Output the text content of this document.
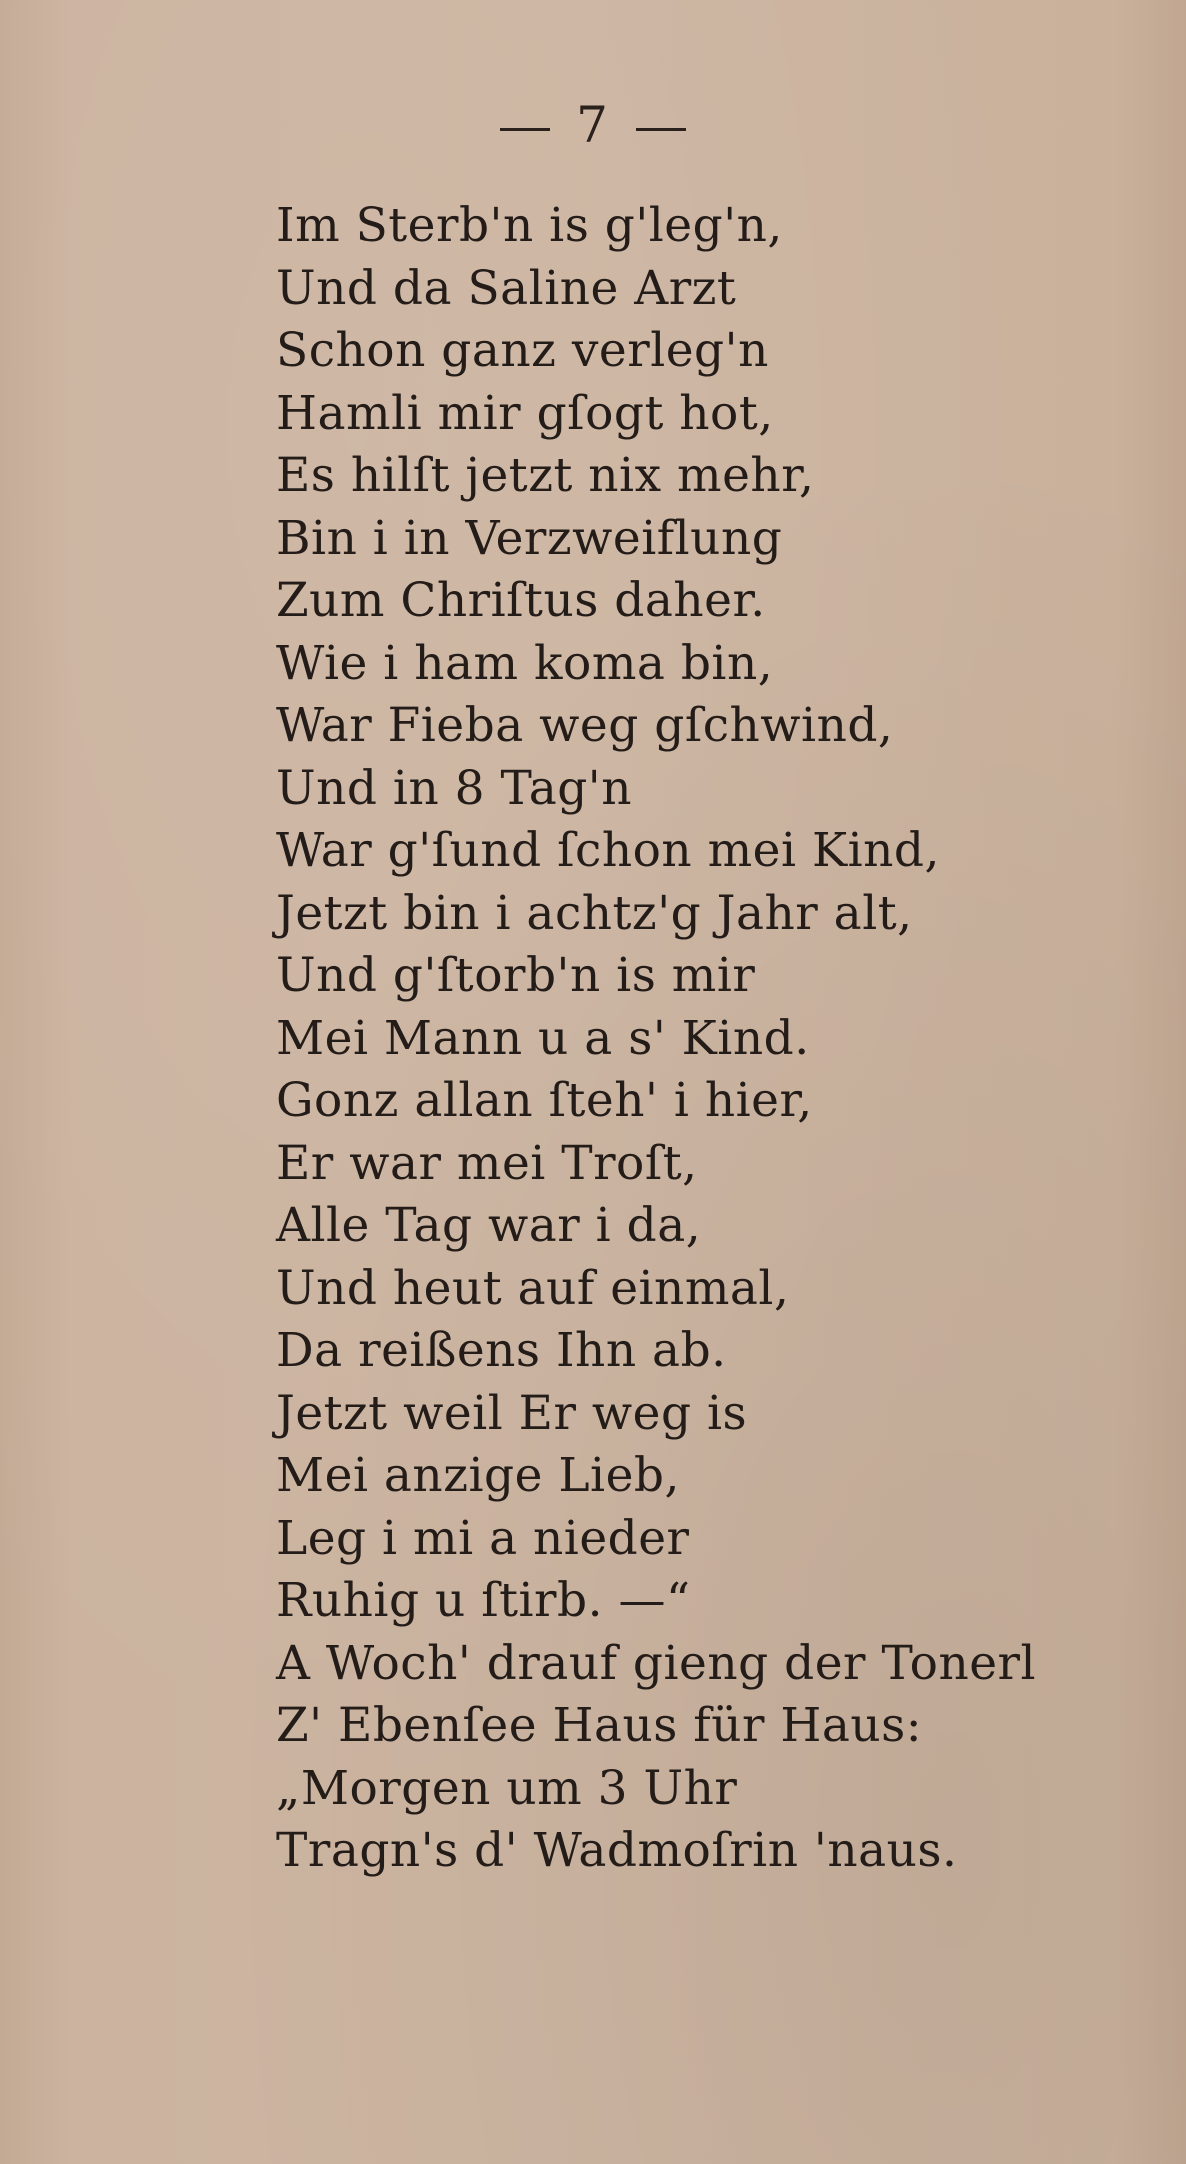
7
Im Sterb'n is g'leg'n,
Und da Saline Arzt
Schon ganz verleg'n
Hamli mir gſogt hot,
Es hilſt jetzt nix mehr,
Bin i in Verzweiflung
Zum Chriſtus daher.
Wie i ham koma bin,
War Fieba weg gſchwind,
Und in 8 Tag'n
War g'ſund ſchon mei Kind,
Jetzt bin i achtz'g Jahr alt,
Und g'ſtorb'n is mir
Mei Mann u a s' Kind.
Gonz allan ſteh' i hier,
Er war mei Troſt,
Alle Tag war i da,
Und heut auf einmal,
Da reißens Ihn ab.
Jetzt weil Er weg is
Mei anzige Lieb,
Leg i mi a nieder
Ruhig u ſtirb. —“
A Woch' drauf gieng der Tonerl
Z' Ebenſee Haus für Haus:
„Morgen um 3 Uhr
Tragn's d' Wadmoſrin 'naus.
